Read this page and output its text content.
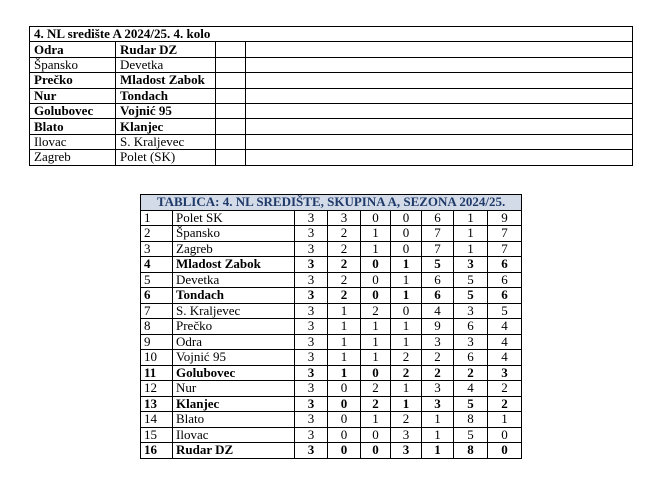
4. NL središte A 2024/25. 4. kolo			
Odra	Rudar DZ		
Špansko	Devetka		
Prečko	Mladost Zabok		
Nur	Tondach		
Golubovec	Vojnić 95		
Blato	Klanjec		
Ilovac	S. Kraljevec		
Zagreb	Polet (SK)		
TABLICA: 4. NL SREDIŠTE, SKUPINA A, SEZONA 2024/25.								
1	Polet SK	3	3	0	0	6	1	9
2	Špansko	3	2	1	0	7	1	7
3	Zagreb	3	2	1	0	7	1	7
4	Mladost Zabok	3	2	0	1	5	3	6
5	Devetka	3	2	0	1	6	5	6
6	Tondach	3	2	0	1	6	5	6
7	S. Kraljevec	3	1	2	0	4	3	5
8	Prečko	3	1	1	1	9	6	4
9	Odra	3	1	1	1	3	3	4
10	Vojnić 95	3	1	1	2	2	6	4
11	Golubovec	3	1	0	2	2	2	3
12	Nur	3	0	2	1	3	4	2
13	Klanjec	3	0	2	1	3	5	2
14	Blato	3	0	1	2	1	8	1
15	Ilovac	3	0	0	3	1	5	0
16	Rudar DZ	3	0	0	3	1	8	0
